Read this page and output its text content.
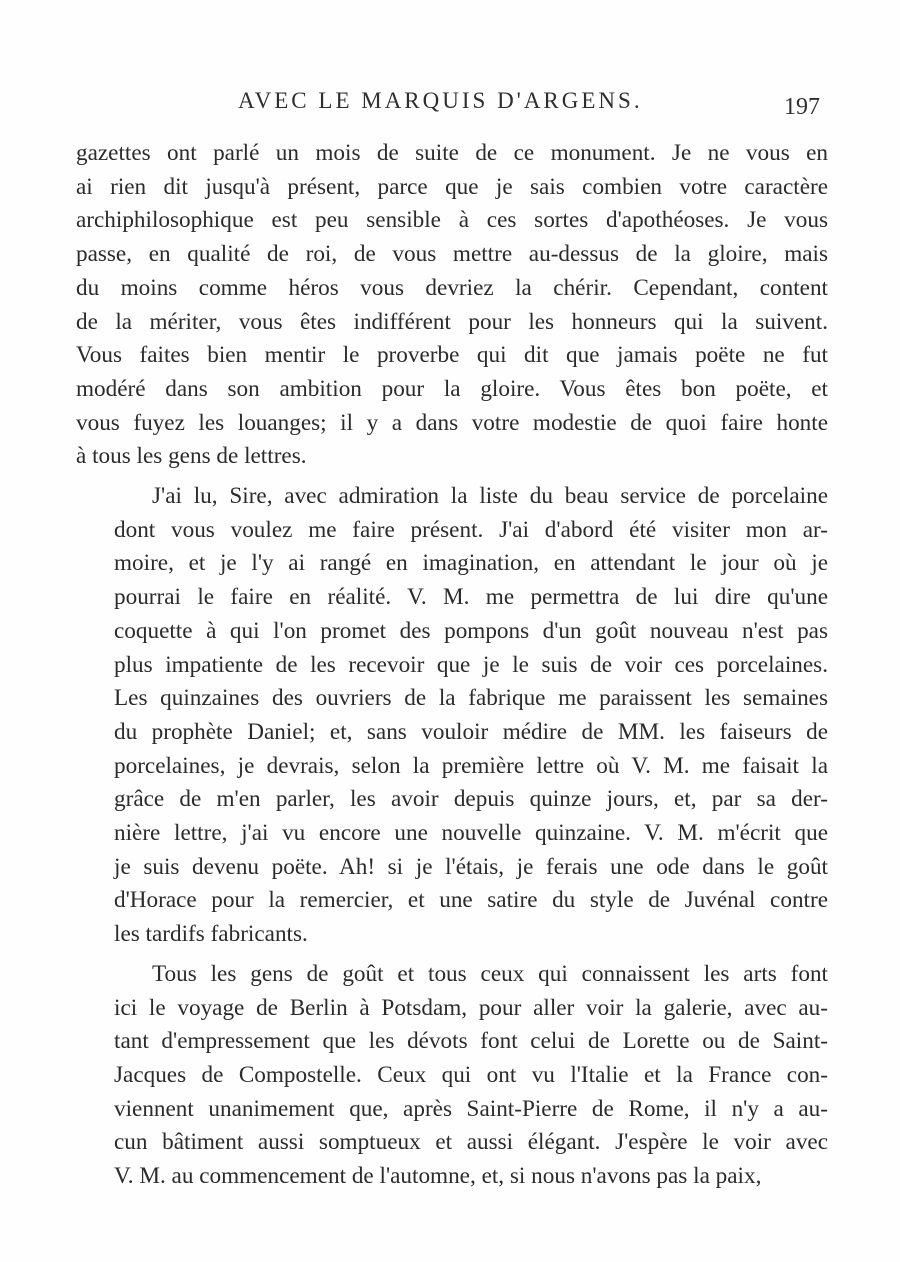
AVEC LE MARQUIS D'ARGENS.	197
gazettes ont parlé un mois de suite de ce monument. Je ne vous en
ai rien dit jusqu'à présent, parce que je sais combien votre caractère
archiphilosophique est peu sensible à ces sortes d'apothéoses. Je vous
passe, en qualité de roi, de vous mettre au-dessus de la gloire, mais
du moins comme héros vous devriez la chérir. Cependant, content
de la mériter, vous êtes indifférent pour les honneurs qui la suivent.
Vous faites bien mentir le proverbe qui dit que jamais poëte ne fut
modéré dans son ambition pour la gloire. Vous êtes bon poëte, et
vous fuyez les louanges; il y a dans votre modestie de quoi faire honte
à tous les gens de lettres.
J'ai lu, Sire, avec admiration la liste du beau service de porcelaine
dont vous voulez me faire présent. J'ai d'abord été visiter mon ar-
moire, et je l'y ai rangé en imagination, en attendant le jour où je
pourrai le faire en réalité. V. M. me permettra de lui dire qu'une
coquette à qui l'on promet des pompons d'un goût nouveau n'est pas
plus impatiente de les recevoir que je le suis de voir ces porcelaines.
Les quinzaines des ouvriers de la fabrique me paraissent les semaines
du prophète Daniel; et, sans vouloir médire de MM. les faiseurs de
porcelaines, je devrais, selon la première lettre où V. M. me faisait la
grâce de m'en parler, les avoir depuis quinze jours, et, par sa der-
nière lettre, j'ai vu encore une nouvelle quinzaine. V. M. m'écrit que
je suis devenu poëte. Ah! si je l'étais, je ferais une ode dans le goût
d'Horace pour la remercier, et une satire du style de Juvénal contre
les tardifs fabricants.
Tous les gens de goût et tous ceux qui connaissent les arts font
ici le voyage de Berlin à Potsdam, pour aller voir la galerie, avec au-
tant d'empressement que les dévots font celui de Lorette ou de Saint-
Jacques de Compostelle. Ceux qui ont vu l'Italie et la France con-
viennent unanimement que, après Saint-Pierre de Rome, il n'y a au-
cun bâtiment aussi somptueux et aussi élégant. J'espère le voir avec
V. M. au commencement de l'automne, et, si nous n'avons pas la paix,
